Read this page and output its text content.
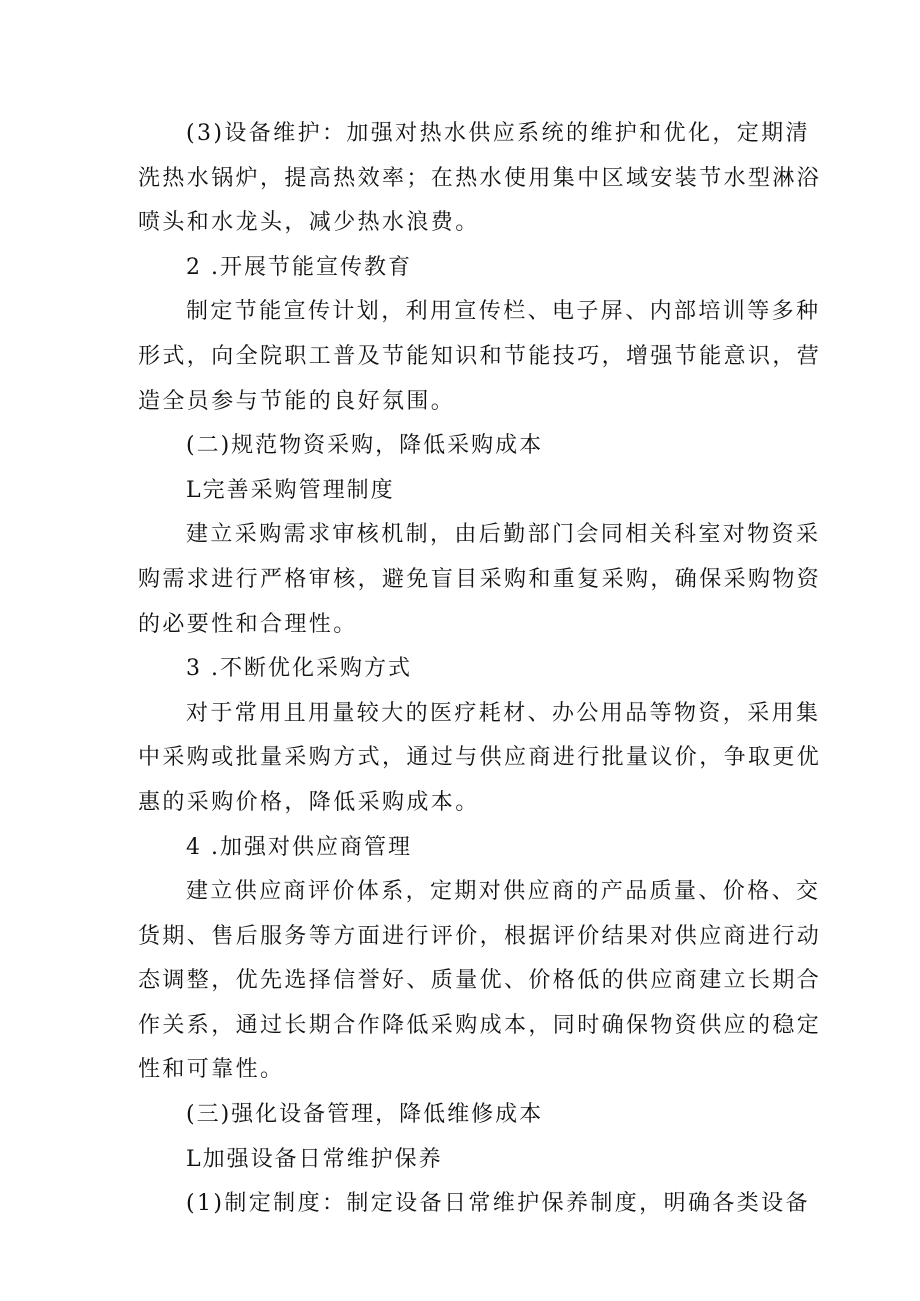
(3)设备维护：加强对热水供应系统的维护和优化，定期清
洗热水锅炉，提高热效率；在热水使用集中区域安装节水型淋浴
喷头和水龙头，减少热水浪费。
2 .开展节能宣传教育
制定节能宣传计划，利用宣传栏、电子屏、内部培训等多种
形式，向全院职工普及节能知识和节能技巧，增强节能意识，营
造全员参与节能的良好氛围。
(二)规范物资采购，降低采购成本
L完善采购管理制度
建立采购需求审核机制，由后勤部门会同相关科室对物资采
购需求进行严格审核，避免盲目采购和重复采购，确保采购物资
的必要性和合理性。
3 .不断优化采购方式
对于常用且用量较大的医疗耗材、办公用品等物资，采用集
中采购或批量采购方式，通过与供应商进行批量议价，争取更优
惠的采购价格，降低采购成本。
4 .加强对供应商管理
建立供应商评价体系，定期对供应商的产品质量、价格、交
货期、售后服务等方面进行评价，根据评价结果对供应商进行动
态调整，优先选择信誉好、质量优、价格低的供应商建立长期合
作关系，通过长期合作降低采购成本，同时确保物资供应的稳定
性和可靠性。
(三)强化设备管理，降低维修成本
L加强设备日常维护保养
(1)制定制度：制定设备日常维护保养制度，明确各类设备
